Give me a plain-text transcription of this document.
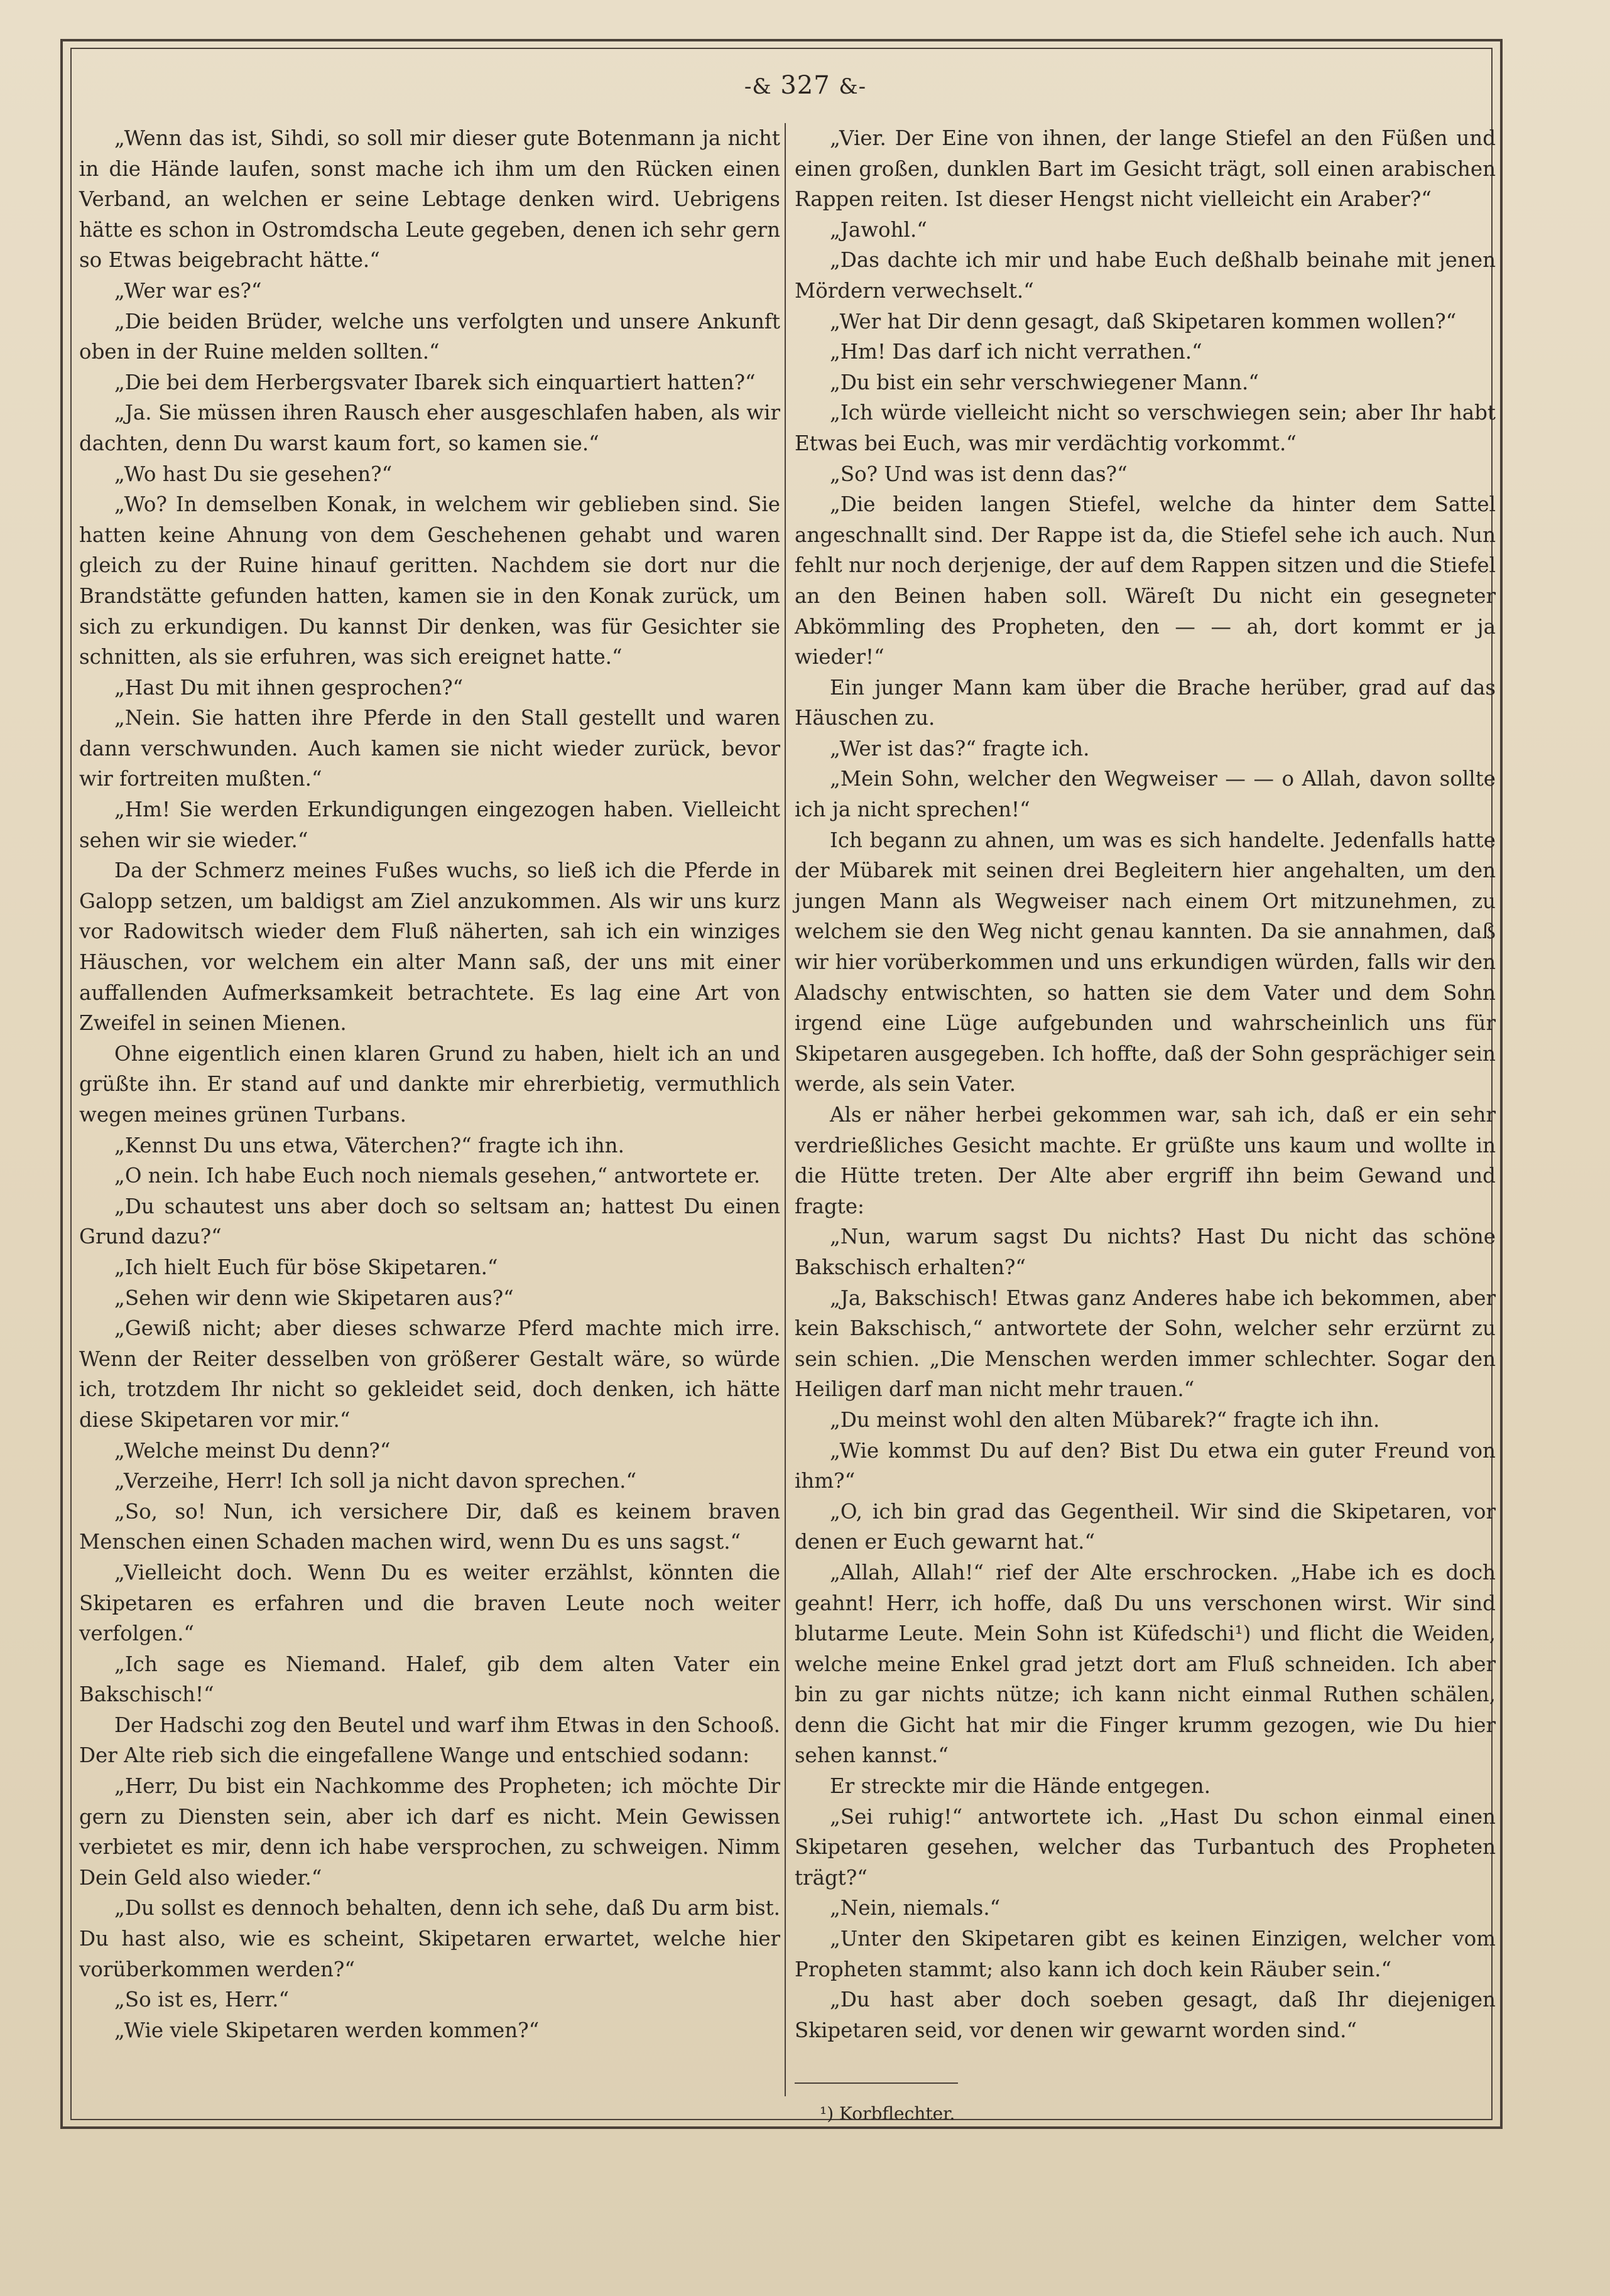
-& 327 &-

„Wenn das ist, Sihdi, so soll mir dieser gute Botenmann ja nicht in die Hände laufen, sonst mache ich ihm um den Rücken einen Verband, an welchen er seine Lebtage denken wird. Uebrigens hätte es schon in Ostromdscha Leute gegeben, denen ich sehr gern so Etwas beigebracht hätte.“

„Wer war es?“

„Die beiden Brüder, welche uns verfolgten und unsere Ankunft oben in der Ruine melden sollten.“

„Die bei dem Herbergsvater Ibarek sich einquartiert hatten?“

„Ja. Sie müssen ihren Rausch eher ausgeschlafen haben, als wir dachten, denn Du warst kaum fort, so kamen sie.“

„Wo hast Du sie gesehen?“

„Wo? In demselben Konak, in welchem wir geblieben sind. Sie hatten keine Ahnung von dem Geschehenen gehabt und waren gleich zu der Ruine hinauf geritten. Nachdem sie dort nur die Brandstätte gefunden hatten, kamen sie in den Konak zurück, um sich zu erkundigen. Du kannst Dir denken, was für Gesichter sie schnitten, als sie erfuhren, was sich ereignet hatte.“

„Hast Du mit ihnen gesprochen?“

„Nein. Sie hatten ihre Pferde in den Stall gestellt und waren dann verschwunden. Auch kamen sie nicht wieder zurück, bevor wir fortreiten mußten.“

„Hm! Sie werden Erkundigungen eingezogen haben. Vielleicht sehen wir sie wieder.“

Da der Schmerz meines Fußes wuchs, so ließ ich die Pferde in Galopp setzen, um baldigst am Ziel anzukommen. Als wir uns kurz vor Radowitsch wieder dem Fluß näherten, sah ich ein winziges Häuschen, vor welchem ein alter Mann saß, der uns mit einer auffallenden Aufmerksamkeit betrachtete. Es lag eine Art von Zweifel in seinen Mienen.

Ohne eigentlich einen klaren Grund zu haben, hielt ich an und grüßte ihn. Er stand auf und dankte mir ehrerbietig, vermuthlich wegen meines grünen Turbans.

„Kennst Du uns etwa, Väterchen?“ fragte ich ihn.

„O nein. Ich habe Euch noch niemals gesehen,“ antwortete er.

„Du schautest uns aber doch so seltsam an; hattest Du einen Grund dazu?“

„Ich hielt Euch für böse Skipetaren.“

„Sehen wir denn wie Skipetaren aus?“

„Gewiß nicht; aber dieses schwarze Pferd machte mich irre. Wenn der Reiter desselben von größerer Gestalt wäre, so würde ich, trotzdem Ihr nicht so gekleidet seid, doch denken, ich hätte diese Skipetaren vor mir.“

„Welche meinst Du denn?“

„Verzeihe, Herr! Ich soll ja nicht davon sprechen.“

„So, so! Nun, ich versichere Dir, daß es keinem braven Menschen einen Schaden machen wird, wenn Du es uns sagst.“

„Vielleicht doch. Wenn Du es weiter erzählst, könnten die Skipetaren es erfahren und die braven Leute noch weiter verfolgen.“

„Ich sage es Niemand. Halef, gib dem alten Vater ein Bakschisch!“

Der Hadschi zog den Beutel und warf ihm Etwas in den Schooß. Der Alte rieb sich die eingefallene Wange und entschied sodann:

„Herr, Du bist ein Nachkomme des Propheten; ich möchte Dir gern zu Diensten sein, aber ich darf es nicht. Mein Gewissen verbietet es mir, denn ich habe versprochen, zu schweigen. Nimm Dein Geld also wieder.“

„Du sollst es dennoch behalten, denn ich sehe, daß Du arm bist. Du hast also, wie es scheint, Skipetaren erwartet, welche hier vorüberkommen werden?“

„So ist es, Herr.“

„Wie viele Skipetaren werden kommen?“

„Vier. Der Eine von ihnen, der lange Stiefel an den Füßen und einen großen, dunklen Bart im Gesicht trägt, soll einen arabischen Rappen reiten. Ist dieser Hengst nicht vielleicht ein Araber?“

„Jawohl.“

„Das dachte ich mir und habe Euch deßhalb beinahe mit jenen Mördern verwechselt.“

„Wer hat Dir denn gesagt, daß Skipetaren kommen wollen?“

„Hm! Das darf ich nicht verrathen.“

„Du bist ein sehr verschwiegener Mann.“

„Ich würde vielleicht nicht so verschwiegen sein; aber Ihr habt Etwas bei Euch, was mir verdächtig vorkommt.“

„So? Und was ist denn das?“

„Die beiden langen Stiefel, welche da hinter dem Sattel angeschnallt sind. Der Rappe ist da, die Stiefel sehe ich auch. Nun fehlt nur noch derjenige, der auf dem Rappen sitzen und die Stiefel an den Beinen haben soll. Wäreſt Du nicht ein gesegneter Abkömmling des Propheten, den — — ah, dort kommt er ja wieder!“

Ein junger Mann kam über die Brache herüber, grad auf das Häuschen zu.

„Wer ist das?“ fragte ich.

„Mein Sohn, welcher den Wegweiser — — o Allah, davon sollte ich ja nicht sprechen!“

Ich begann zu ahnen, um was es sich handelte. Jedenfalls hatte der Mübarek mit seinen drei Begleitern hier angehalten, um den jungen Mann als Wegweiser nach einem Ort mitzunehmen, zu welchem sie den Weg nicht genau kannten. Da sie annahmen, daß wir hier vorüberkommen und uns erkundigen würden, falls wir den Aladschy entwischten, so hatten sie dem Vater und dem Sohn irgend eine Lüge aufgebunden und wahrscheinlich uns für Skipetaren ausgegeben. Ich hoffte, daß der Sohn gesprächiger sein werde, als sein Vater.

Als er näher herbei gekommen war, sah ich, daß er ein sehr verdrießliches Gesicht machte. Er grüßte uns kaum und wollte in die Hütte treten. Der Alte aber ergriff ihn beim Gewand und fragte:

„Nun, warum sagst Du nichts? Hast Du nicht das schöne Bakschisch erhalten?“

„Ja, Bakschisch! Etwas ganz Anderes habe ich bekommen, aber kein Bakschisch,“ antwortete der Sohn, welcher sehr erzürnt zu sein schien. „Die Menschen werden immer schlechter. Sogar den Heiligen darf man nicht mehr trauen.“

„Du meinst wohl den alten Mübarek?“ fragte ich ihn.

„Wie kommst Du auf den? Bist Du etwa ein guter Freund von ihm?“

„O, ich bin grad das Gegentheil. Wir sind die Skipetaren, vor denen er Euch gewarnt hat.“

„Allah, Allah!“ rief der Alte erschrocken. „Habe ich es doch geahnt! Herr, ich hoffe, daß Du uns verschonen wirst. Wir sind blutarme Leute. Mein Sohn ist Küfedschi¹) und flicht die Weiden, welche meine Enkel grad jetzt dort am Fluß schneiden. Ich aber bin zu gar nichts nütze; ich kann nicht einmal Ruthen schälen, denn die Gicht hat mir die Finger krumm gezogen, wie Du hier sehen kannst.“

Er streckte mir die Hände entgegen.

„Sei ruhig!“ antwortete ich. „Hast Du schon einmal einen Skipetaren gesehen, welcher das Turbantuch des Propheten trägt?“

„Nein, niemals.“

„Unter den Skipetaren gibt es keinen Einzigen, welcher vom Propheten stammt; also kann ich doch kein Räuber sein.“

„Du hast aber doch soeben gesagt, daß Ihr diejenigen Skipetaren seid, vor denen wir gewarnt worden sind.“

¹) Korbflechter.
